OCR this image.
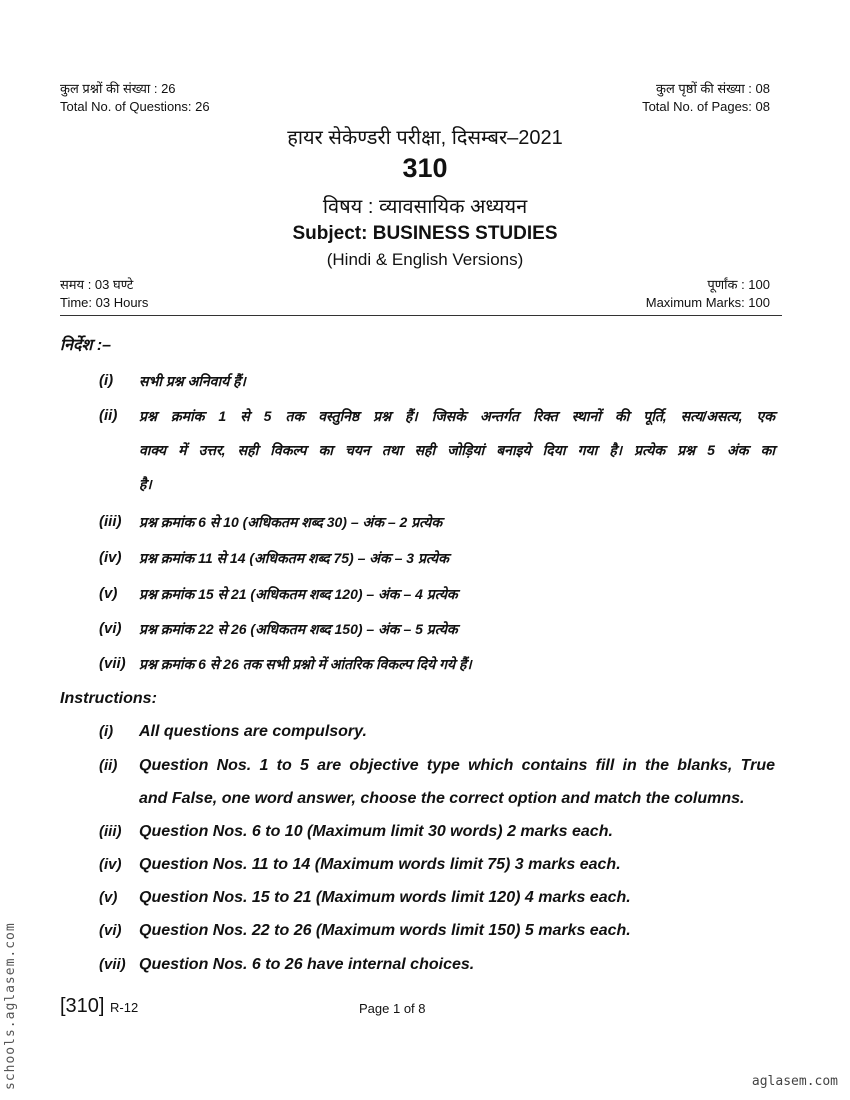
कुल प्रश्नों की संख्या : 26
Total No. of Questions: 26
कुल पृष्ठों की संख्या : 08
Total No. of Pages: 08
हायर सेकेण्डरी परीक्षा, दिसम्बर–2021
310
विषय : व्यावसायिक अध्ययन
Subject: BUSINESS STUDIES
(Hindi & English Versions)
समय : 03 घण्टे
Time: 03 Hours
पूर्णांक : 100
Maximum Marks: 100
निर्देश :–
(i) सभी प्रश्न अनिवार्य हैं।
(ii) प्रश्न क्रमांक 1 से 5 तक वस्तुनिष्ठ प्रश्न हैं। जिसके अन्तर्गत रिक्त स्थानों की पूर्ति, सत्य/असत्य, एक
वाक्य में उत्तर, सही विकल्प का चयन तथा सही जोड़ियां बनाइये दिया गया है। प्रत्येक प्रश्न 5 अंक का
है।
(iii) प्रश्न क्रमांक 6 से 10 (अधिकतम शब्द 30) – अंक – 2 प्रत्येक
(iv) प्रश्न क्रमांक 11 से 14 (अधिकतम शब्द 75) – अंक – 3 प्रत्येक
(v) प्रश्न क्रमांक 15 से 21 (अधिकतम शब्द 120) – अंक – 4 प्रत्येक
(vi) प्रश्न क्रमांक 22 से 26 (अधिकतम शब्द 150) – अंक – 5 प्रत्येक
(vii) प्रश्न क्रमांक 6 से 26 तक सभी प्रश्नो में आंतरिक विकल्प दिये गये हैं।
Instructions:
(i) All questions are compulsory.
(ii) Question Nos. 1 to 5 are objective type which contains fill in the blanks, True
and False, one word answer, choose the correct option and match the columns.
(iii) Question Nos. 6 to 10 (Maximum limit 30 words) 2 marks each.
(iv) Question Nos. 11 to 14 (Maximum words limit 75) 3 marks each.
(v) Question Nos. 15 to 21 (Maximum words limit 120) 4 marks each.
(vi) Question Nos. 22 to 26 (Maximum words limit 150) 5 marks each.
(vii) Question Nos. 6 to 26 have internal choices.
[310] R-12	Page 1 of 8
schools.aglasem.com	aglasem.com
